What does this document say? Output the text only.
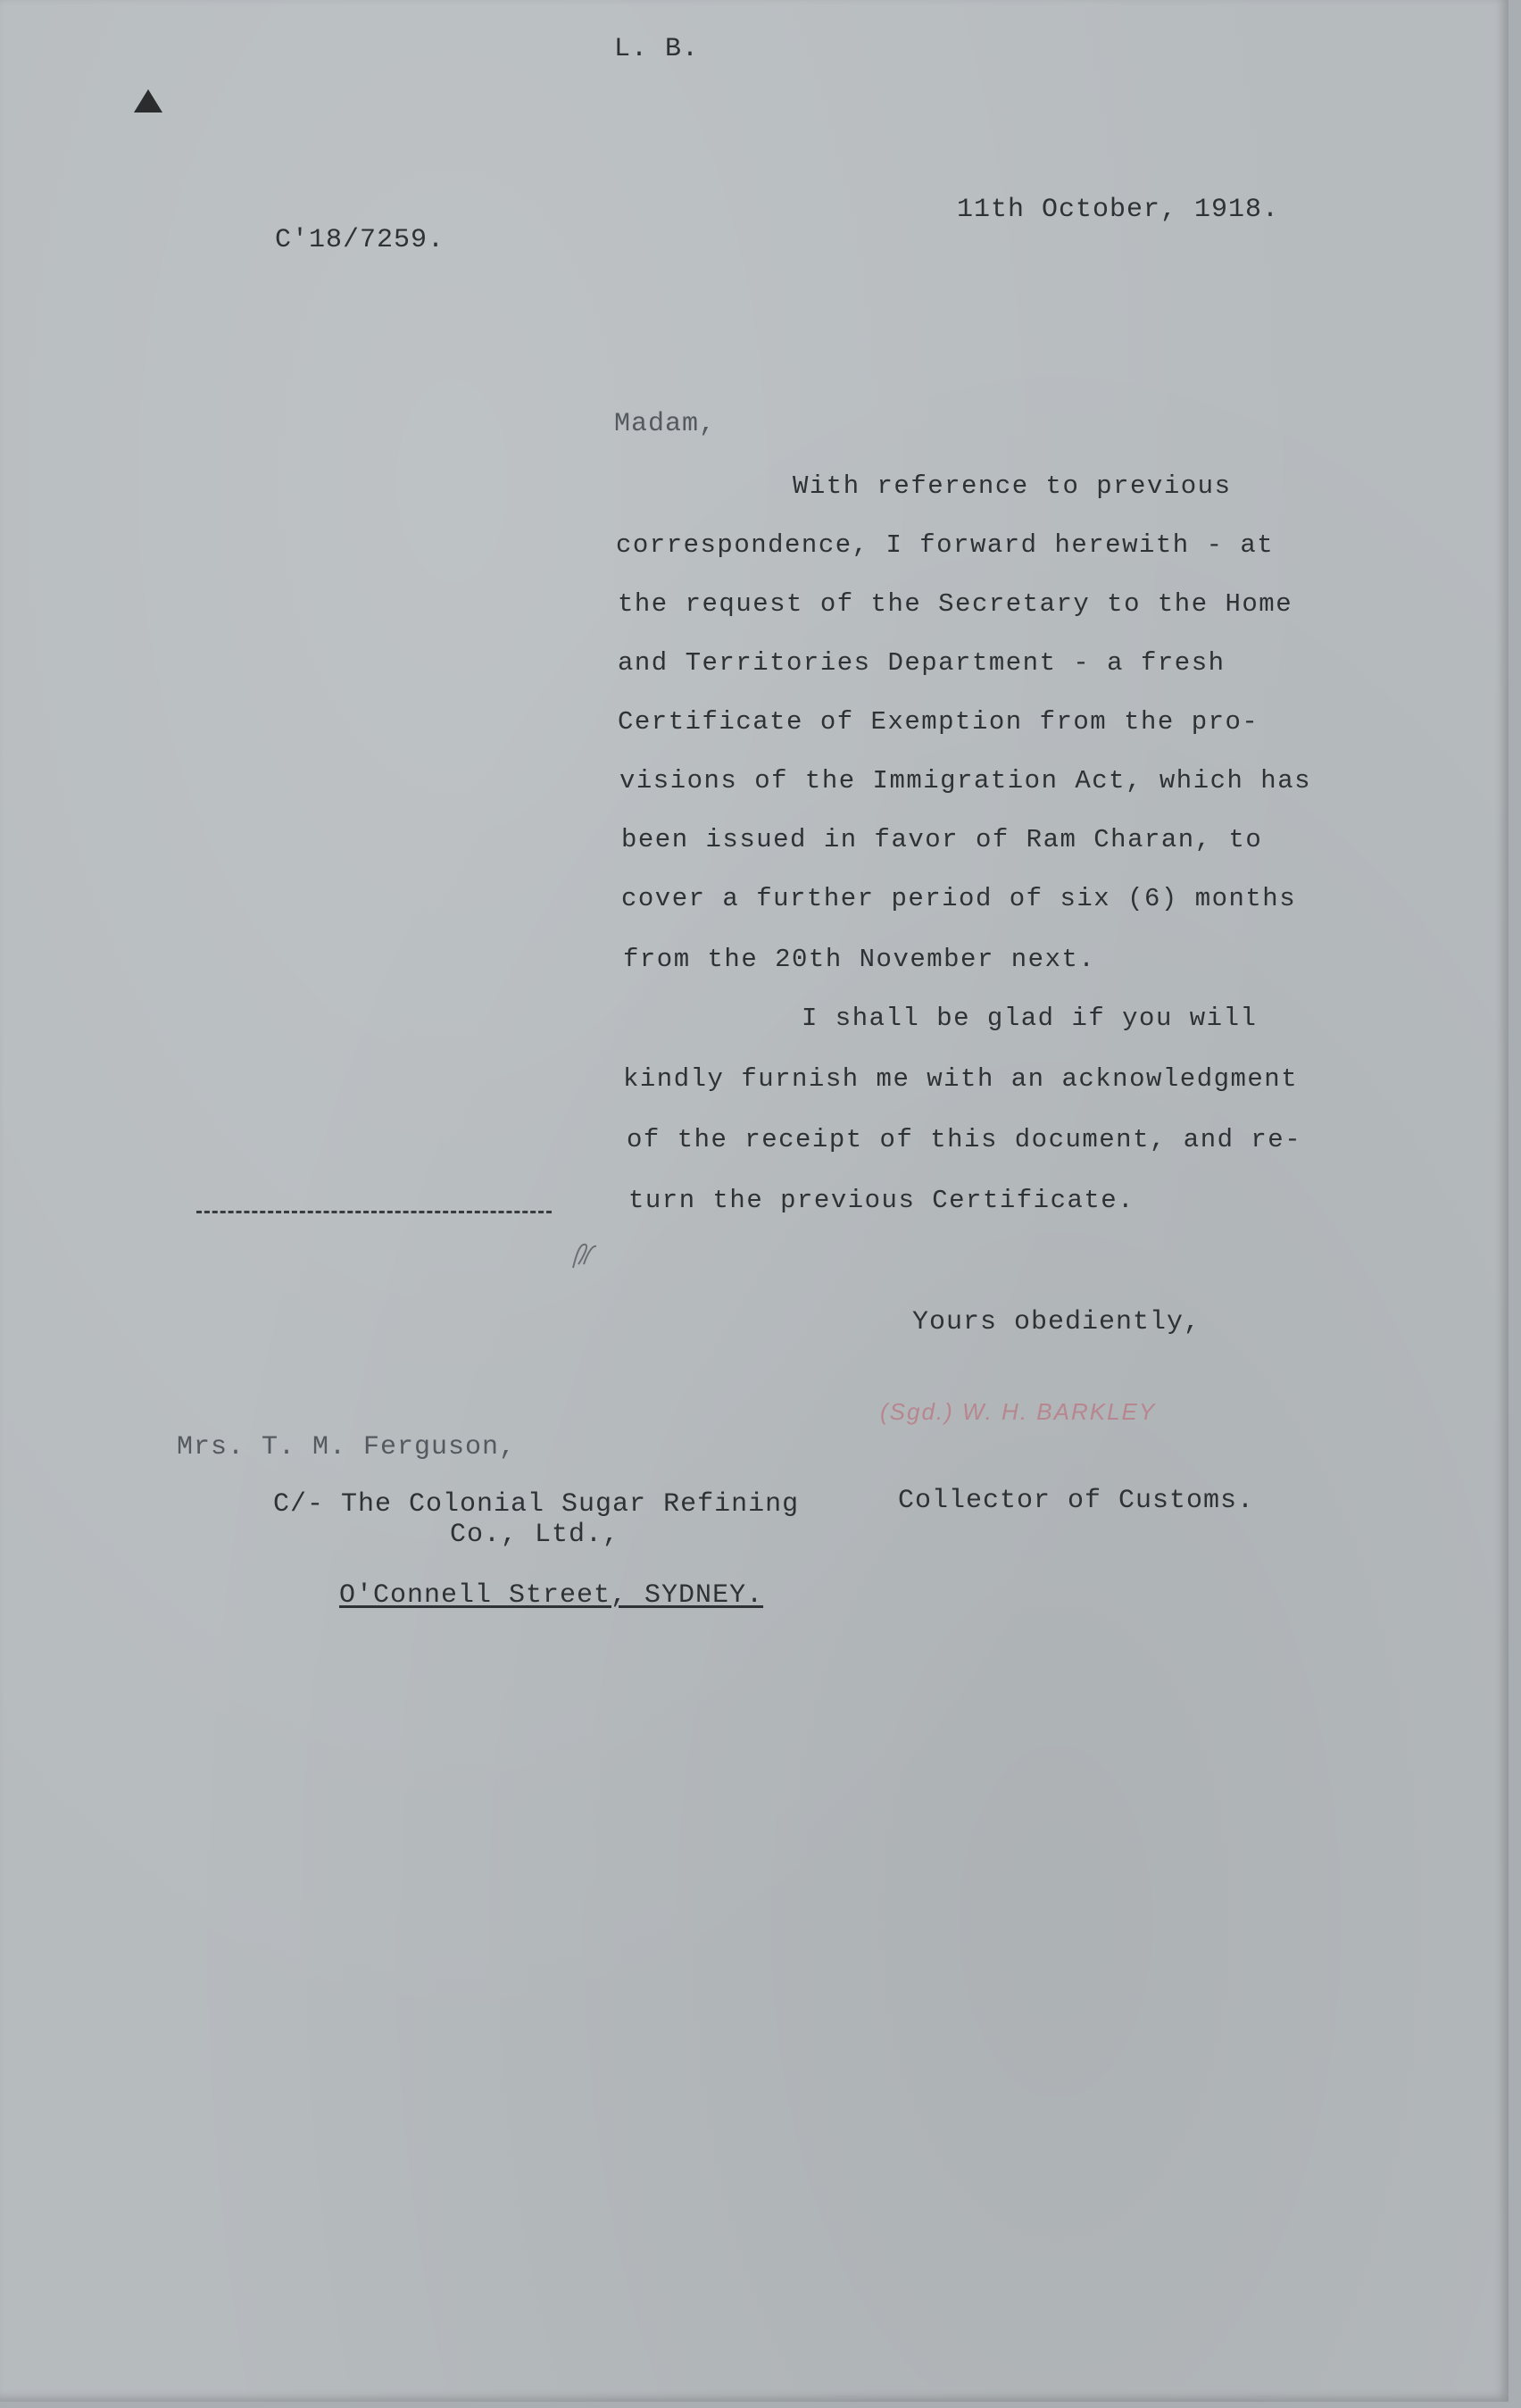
L. B.
11th October, 1918.
C'18/7259.
Madam,
With reference to previous
correspondence, I forward herewith - at
the request of the Secretary to the Home
and Territories Department - a fresh
Certificate of Exemption from the pro-
visions of the Immigration Act, which has
been issued in favor of Ram Charan, to
cover a further period of six (6) months
from the 20th November next.
I shall be glad if you will
kindly furnish me with an acknowledgment
of the receipt of this document, and re-
turn the previous Certificate.
Yours obediently,
(Sgd.) W. H. BARKLEY
Mrs. T. M. Ferguson,
C/- The Colonial Sugar Refining	Collector of Customs.
Co., Ltd.,
O'Connell Street, SYDNEY.
